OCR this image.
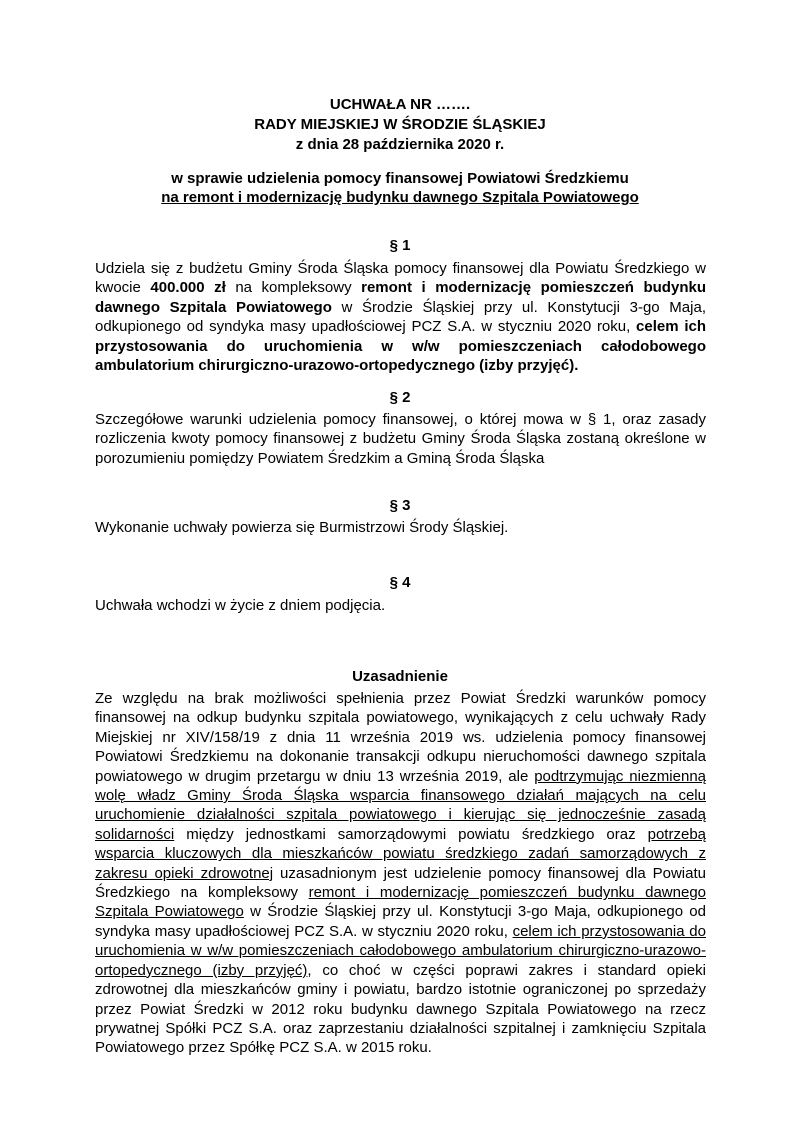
UCHWAŁA NR …….
RADY MIEJSKIEJ W ŚRODZIE ŚLĄSKIEJ
z dnia 28 października 2020 r.
w sprawie udzielenia pomocy finansowej Powiatowi Średzkiemu
na remont i modernizację budynku dawnego Szpitala Powiatowego
§ 1

Udziela się z budżetu Gminy Środa Śląska pomocy finansowej dla Powiatu Średzkiego w kwocie 400.000 zł na kompleksowy remont i modernizację pomieszczeń budynku dawnego Szpitala Powiatowego w Środzie Śląskiej przy ul. Konstytucji 3-go Maja, odkupionego od syndyka masy upadłościowej PCZ S.A. w styczniu 2020 roku, celem ich przystosowania do uruchomienia w w/w pomieszczeniach całodobowego ambulatorium chirurgiczno-urazowo-ortopedycznego (izby przyjęć).

§ 2

Szczegółowe warunki udzielenia pomocy finansowej, o której mowa w § 1, oraz zasady rozliczenia kwoty pomocy finansowej z budżetu Gminy Środa Śląska zostaną określone w porozumieniu pomiędzy Powiatem Średzkim a Gminą Środa Śląska

§ 3

Wykonanie uchwały powierza się Burmistrzowi Środy Śląskiej.

§ 4

Uchwała wchodzi w życie z dniem podjęcia.

Uzasadnienie

Ze względu na brak możliwości spełnienia przez Powiat Średzki warunków pomocy finansowej na odkup budynku szpitala powiatowego, wynikających z celu uchwały Rady Miejskiej nr XIV/158/19 z dnia 11 września 2019 ws. udzielenia pomocy finansowej Powiatowi Średzkiemu na dokonanie transakcji odkupu nieruchomości dawnego szpitala powiatowego w drugim przetargu w dniu 13 września 2019, ale podtrzymując niezmienną wolę władz Gminy Środa Śląska wsparcia finansowego działań mających na celu uruchomienie działalności szpitala powiatowego i kierując się jednocześnie zasadą solidarności między jednostkami samorządowymi powiatu średzkiego oraz potrzebą wsparcia kluczowych dla mieszkańców powiatu średzkiego zadań samorządowych z zakresu opieki zdrowotnej uzasadnionym jest udzielenie pomocy finansowej dla Powiatu Średzkiego na kompleksowy remont i modernizację pomieszczeń budynku dawnego Szpitala Powiatowego w Środzie Śląskiej przy ul. Konstytucji 3-go Maja, odkupionego od syndyka masy upadłościowej PCZ S.A. w styczniu 2020 roku, celem ich przystosowania do uruchomienia w w/w pomieszczeniach całodobowego ambulatorium chirurgiczno-urazowo-ortopedycznego (izby przyjęć), co choć w części poprawi zakres i standard opieki zdrowotnej dla mieszkańców gminy i powiatu, bardzo istotnie ograniczonej po sprzedaży przez Powiat Średzki w 2012 roku budynku dawnego Szpitala Powiatowego na rzecz prywatnej Spółki PCZ S.A. oraz zaprzestaniu działalności szpitalnej i zamknięciu Szpitala Powiatowego przez Spółkę PCZ S.A. w 2015 roku.
